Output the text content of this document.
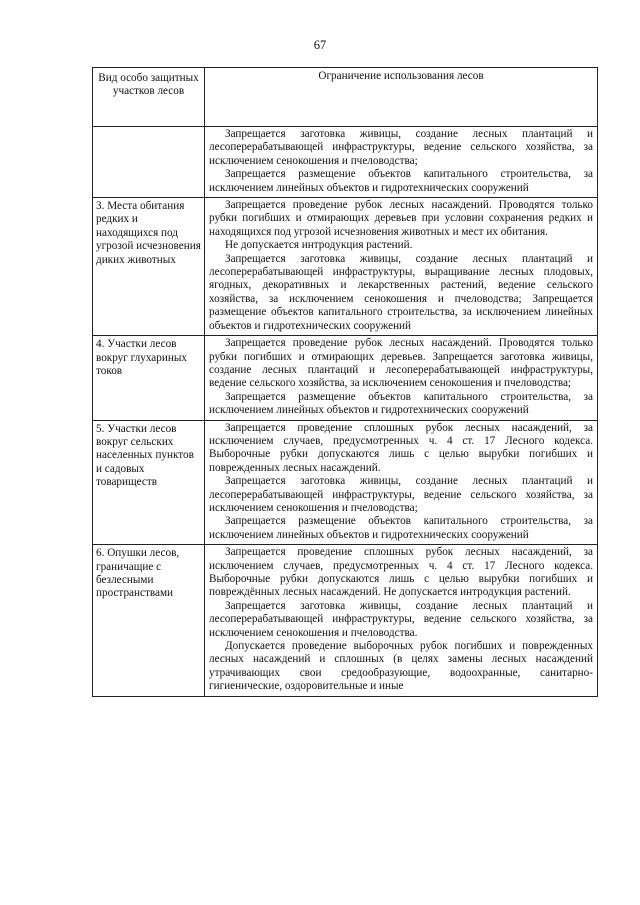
67
Вид особо защитных участков лесов	Ограничение использования лесов

	Запрещается заготовка живицы, создание лесных плантаций и лесоперерабатывающей инфраструктуры, ведение сельского хозяйства, за исключением сенокошения и пчеловодства;

Запрещается размещение объектов капитального строительства, за исключением линейных объектов и гидротехнических сооружений

3. Места обитания редких и находящихся под угрозой исчезновения диких животных	Запрещается проведение рубок лесных насаждений. Проводятся только рубки погибших и отмирающих деревьев при условии сохранения редких и находящихся под угрозой исчезновения животных и мест их обитания.

Не допускается интродукция растений.

Запрещается заготовка живицы, создание лесных плантаций и лесоперерабатывающей инфраструктуры, выращивание лесных плодовых, ягодных, декоративных и лекарственных растений, ведение сельского хозяйства, за исключением сенокошения и пчеловодства; Запрещается размещение объектов капитального строительства, за исключением линейных объектов и гидротехнических сооружений

4. Участки лесов вокруг глухариных токов	Запрещается проведение рубок лесных насаждений. Проводятся только рубки погибших и отмирающих деревьев. Запрещается заготовка живицы, создание лесных плантаций и лесоперерабатывающей инфраструктуры, ведение сельского хозяйства, за исключением сенокошения и пчеловодства;

Запрещается размещение объектов капитального строительства, за исключением линейных объектов и гидротехнических сооружений

5. Участки лесов вокруг сельских населенных пунктов и садовых товариществ	Запрещается проведение сплошных рубок лесных насаждений, за исключением случаев, предусмотренных ч. 4 ст. 17 Лесного кодекса. Выборочные рубки допускаются лишь с целью вырубки погибших и поврежденных лесных насаждений.

Запрещается заготовка живицы, создание лесных плантаций и лесоперерабатывающей инфраструктуры, ведение сельского хозяйства, за исключением сенокошения и пчеловодства;

Запрещается размещение объектов капитального строительства, за исключением линейных объектов и гидротехнических сооружений

6. Опушки лесов, граничащие с безлесными пространствами	Запрещается проведение сплошных рубок лесных насаждений, за исключением случаев, предусмотренных ч. 4 ст. 17 Лесного кодекса. Выборочные рубки допускаются лишь с целью вырубки погибших и повреждённых лесных насаждений. Не допускается интродукция растений.

Запрещается заготовка живицы, создание лесных плантаций и лесоперерабатывающей инфраструктуры, ведение сельского хозяйства, за исключением сенокошения и пчеловодства.

Допускается проведение выборочных рубок погибших и поврежденных лесных насаждений и сплошных (в целях замены лесных насаждений утрачивающих свои средообразующие, водоохранные, санитарно-гигиенические, оздоровительные и иные
